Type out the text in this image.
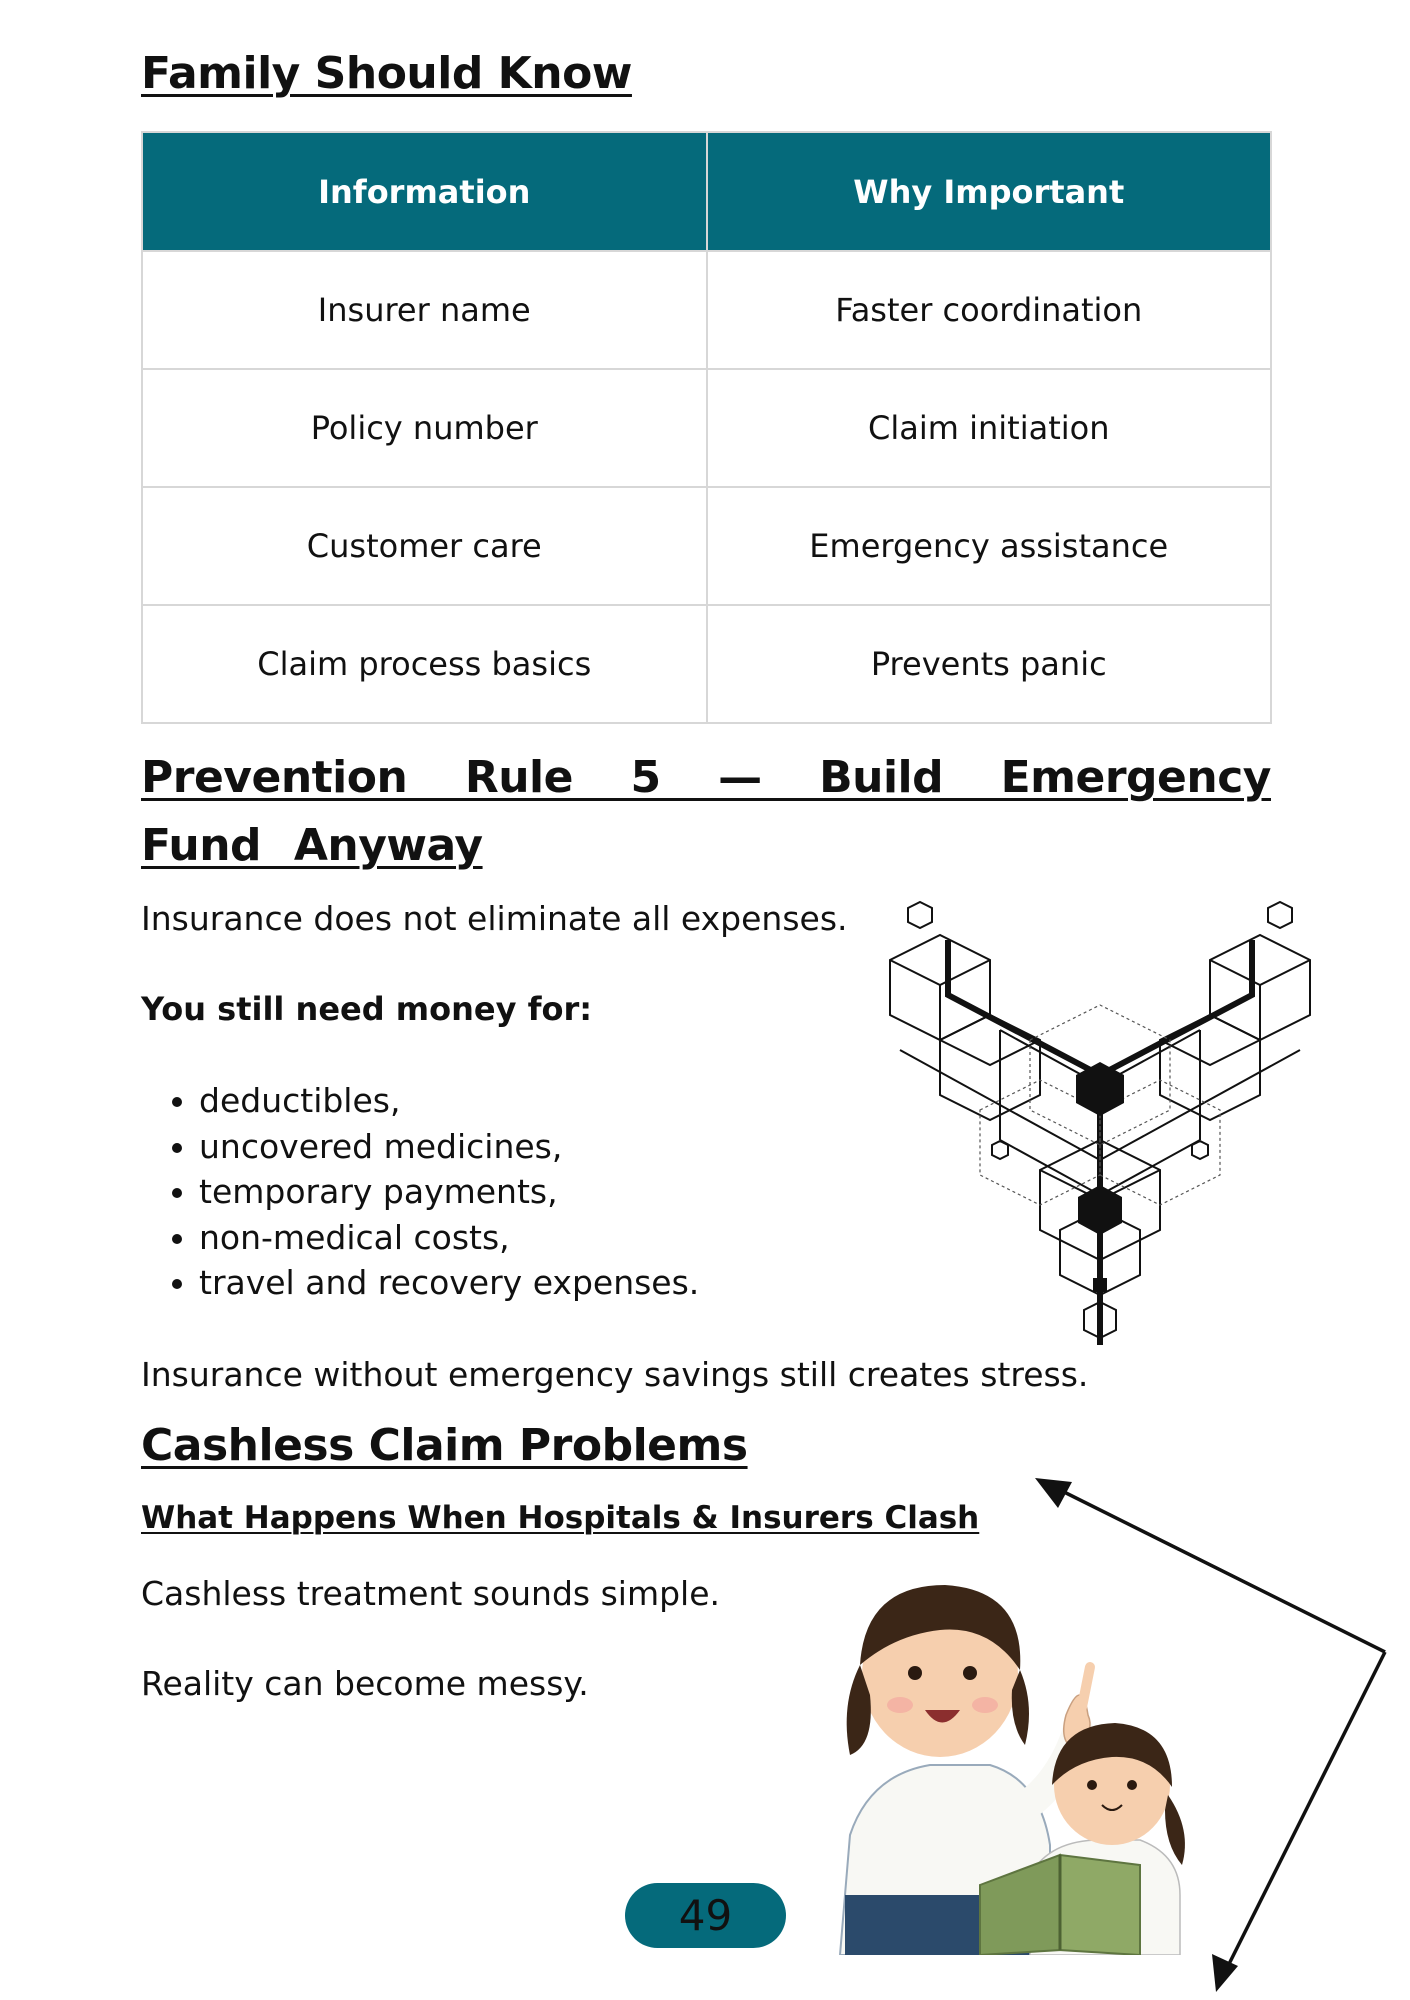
Family Should Know
Information	Why Important
Insurer name	Faster coordination
Policy number	Claim initiation
Customer care	Emergency assistance
Claim process basics	Prevents panic
Prevention Rule 5 — Build Emergency Fund Anyway

Insurance does not eliminate all expenses.

You still need money for:

• deductibles,
• uncovered medicines,
• temporary payments,
• non-medical costs,
• travel and recovery expenses.

Insurance without emergency savings still creates stress.

Cashless Claim Problems
What Happens When Hospitals & Insurers Clash

Cashless treatment sounds simple.

Reality can become messy.

49
